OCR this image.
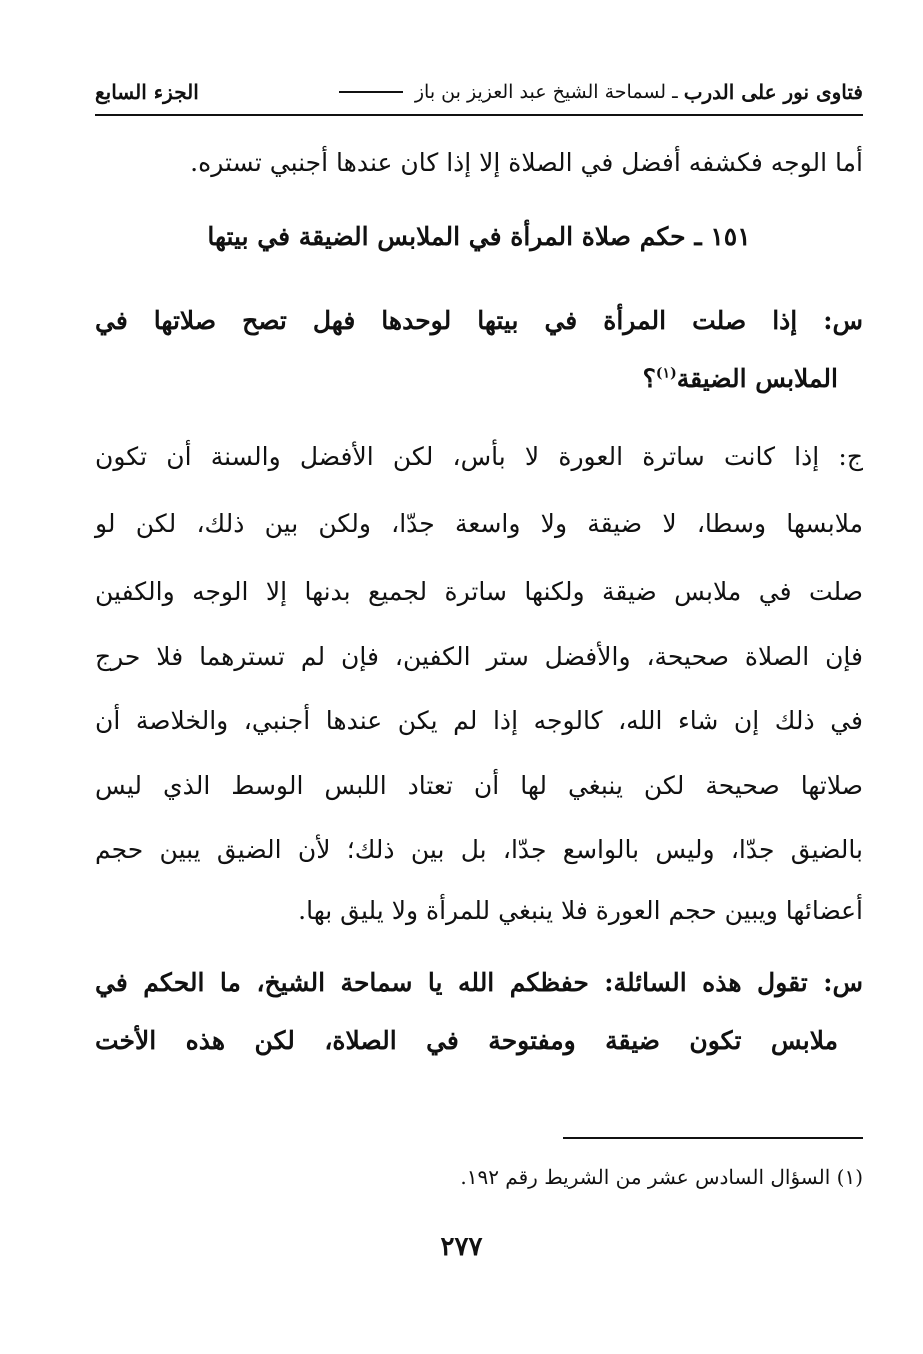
فتاوى نور على الدرب
ـ لسماحة الشيخ عبد العزيز بن باز
الجزء السابع
أما الوجه فكشفه أفضل في الصلاة إلا إذا كان عندها أجنبي تستره.
١٥١ ـ حكم صلاة المرأة في الملابس الضيقة في بيتها
س: إذا صلت المرأة في بيتها لوحدها فهل تصح صلاتها في
الملابس الضيقة$^{(١)}$؟
ج: إذا كانت ساترة العورة لا بأس، لكن الأفضل والسنة أن تكون
ملابسها وسطا، لا ضيقة ولا واسعة جدّا، ولكن بين ذلك، لكن لو
صلت في ملابس ضيقة ولكنها ساترة لجميع بدنها إلا الوجه والكفين
فإن الصلاة صحيحة، والأفضل ستر الكفين، فإن لم تسترهما فلا حرج
في ذلك إن شاء الله، كالوجه إذا لم يكن عندها أجنبي، والخلاصة أن
صلاتها صحيحة لكن ينبغي لها أن تعتاد اللبس الوسط الذي ليس
بالضيق جدّا، وليس بالواسع جدّا، بل بين ذلك؛ لأن الضيق يبين حجم
أعضائها ويبين حجم العورة فلا ينبغي للمرأة ولا يليق بها.
س: تقول هذه السائلة: حفظكم الله يا سماحة الشيخ، ما الحكم في
ملابس تكون ضيقة ومفتوحة في الصلاة، لكن هذه الأخت
(١) السؤال السادس عشر من الشريط رقم ١٩٢.
٢٧٧
